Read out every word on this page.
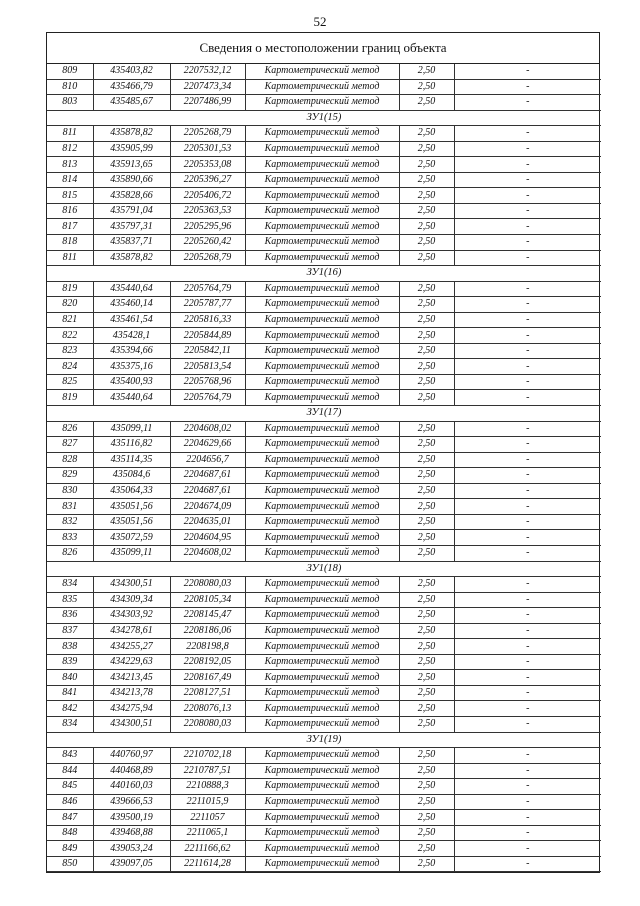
52
Сведения о местоположении границ объекта
809	435403,82	2207532,12	Картометрический метод	2,50	-
810	435466,79	2207473,34	Картометрический метод	2,50	-
803	435485,67	2207486,99	Картометрический метод	2,50	-
ЗУ1(15)					
811	435878,82	2205268,79	Картометрический метод	2,50	-
812	435905,99	2205301,53	Картометрический метод	2,50	-
813	435913,65	2205353,08	Картометрический метод	2,50	-
814	435890,66	2205396,27	Картометрический метод	2,50	-
815	435828,66	2205406,72	Картометрический метод	2,50	-
816	435791,04	2205363,53	Картометрический метод	2,50	-
817	435797,31	2205295,96	Картометрический метод	2,50	-
818	435837,71	2205260,42	Картометрический метод	2,50	-
811	435878,82	2205268,79	Картометрический метод	2,50	-
ЗУ1(16)					
819	435440,64	2205764,79	Картометрический метод	2,50	-
820	435460,14	2205787,77	Картометрический метод	2,50	-
821	435461,54	2205816,33	Картометрический метод	2,50	-
822	435428,1	2205844,89	Картометрический метод	2,50	-
823	435394,66	2205842,11	Картометрический метод	2,50	-
824	435375,16	2205813,54	Картометрический метод	2,50	-
825	435400,93	2205768,96	Картометрический метод	2,50	-
819	435440,64	2205764,79	Картометрический метод	2,50	-
ЗУ1(17)					
826	435099,11	2204608,02	Картометрический метод	2,50	-
827	435116,82	2204629,66	Картометрический метод	2,50	-
828	435114,35	2204656,7	Картометрический метод	2,50	-
829	435084,6	2204687,61	Картометрический метод	2,50	-
830	435064,33	2204687,61	Картометрический метод	2,50	-
831	435051,56	2204674,09	Картометрический метод	2,50	-
832	435051,56	2204635,01	Картометрический метод	2,50	-
833	435072,59	2204604,95	Картометрический метод	2,50	-
826	435099,11	2204608,02	Картометрический метод	2,50	-
ЗУ1(18)					
834	434300,51	2208080,03	Картометрический метод	2,50	-
835	434309,34	2208105,34	Картометрический метод	2,50	-
836	434303,92	2208145,47	Картометрический метод	2,50	-
837	434278,61	2208186,06	Картометрический метод	2,50	-
838	434255,27	2208198,8	Картометрический метод	2,50	-
839	434229,63	2208192,05	Картометрический метод	2,50	-
840	434213,45	2208167,49	Картометрический метод	2,50	-
841	434213,78	2208127,51	Картометрический метод	2,50	-
842	434275,94	2208076,13	Картометрический метод	2,50	-
834	434300,51	2208080,03	Картометрический метод	2,50	-
ЗУ1(19)					
843	440760,97	2210702,18	Картометрический метод	2,50	-
844	440468,89	2210787,51	Картометрический метод	2,50	-
845	440160,03	2210888,3	Картометрический метод	2,50	-
846	439666,53	2211015,9	Картометрический метод	2,50	-
847	439500,19	2211057	Картометрический метод	2,50	-
848	439468,88	2211065,1	Картометрический метод	2,50	-
849	439053,24	2211166,62	Картометрический метод	2,50	-
850	439097,05	2211614,28	Картометрический метод	2,50	-
